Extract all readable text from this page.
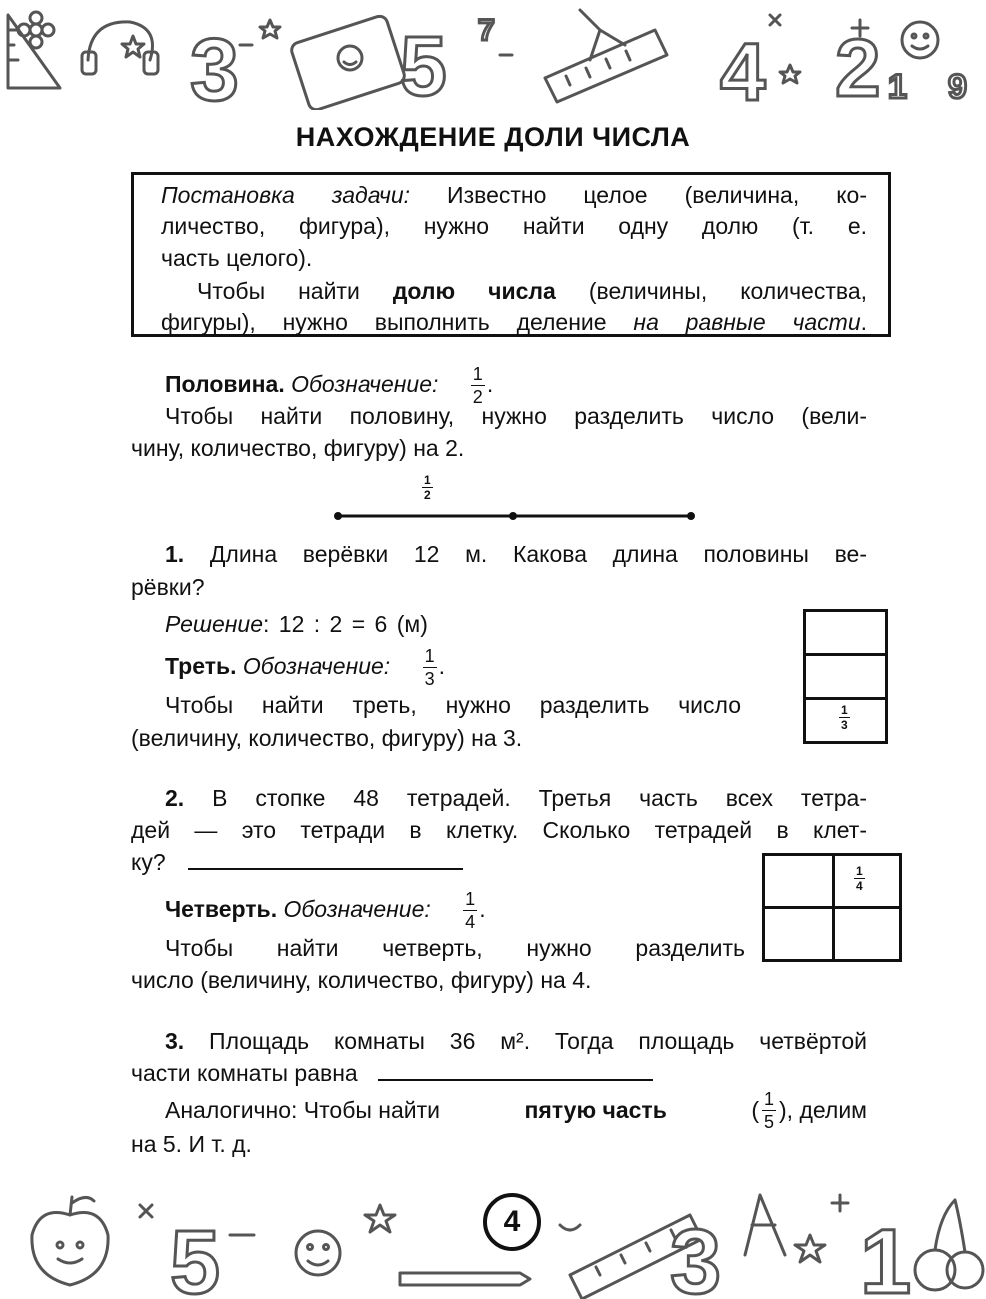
3 5	4 2
7
1 9
НАХОЖДЕНИЕ ДОЛИ ЧИСЛА
Постановка задачи: Известно целое (величина, ко-
личество, фигура), нужно найти одну долю (т. е.
часть целого).
Чтобы найти долю числа (величины, количества,
фигуры), нужно выполнить деление на равные части.
Половина. Обозначение: $\frac{1}{2}$ .
Чтобы найти половину, нужно разделить число (вели-
чину, количество, фигуру) на 2.
$\frac{1}{2}$
1. Длина верёвки 12 м. Какова длина половины ве-
рёвки?
Решение: 12 : 2 = 6 (м)
Треть. Обозначение: $\frac{1}{3}$ .
Чтобы найти треть, нужно разделить число
(величину, количество, фигуру) на 3.
$\frac{1}{3}$
2. В стопке 48 тетрадей. Третья часть всех тетра-
дей — это тетради в клетку. Сколько тетрадей в клет-
ку?
Четверть. Обозначение: $\frac{1}{4}$ .
Чтобы найти четверть, нужно разделить
число (величину, количество, фигуру) на 4.
$\frac{1}{4}$
3. Площадь комнаты 36 м². Тогда площадь четвёртой
части комнаты равна
Аналогично: Чтобы найти	пятую часть	( $\frac{1}{5}$ ), делим
на 5. И т. д.
5	3 1
4
